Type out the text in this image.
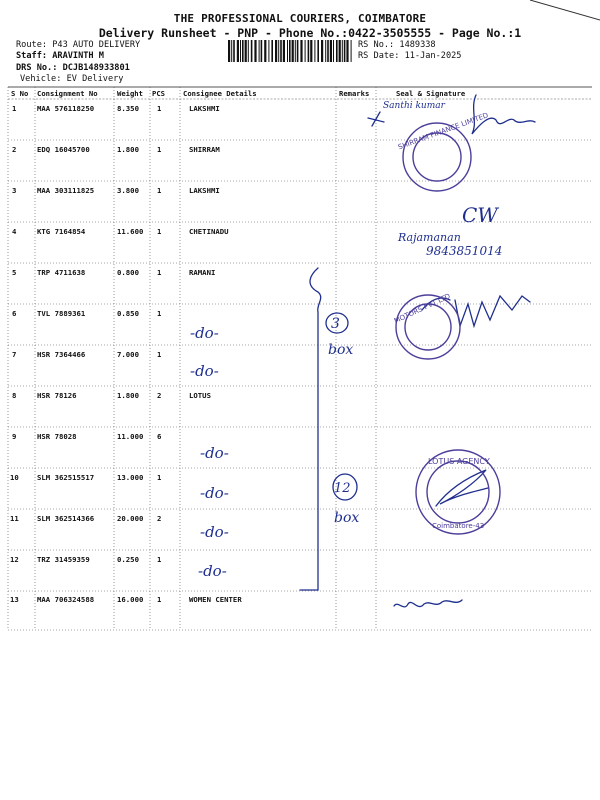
THE PROFESSIONAL COURIERS, COIMBATORE
Delivery Runsheet - PNP - Phone No.:0422-3505555 - Page No.:1
Route: P43 AUTO DELIVERY
Staff: ARAVINTH M
DRS No.: DCJB148933801
Vehicle: EV Delivery
RS No.: 1489338
RS Date: 11-Jan-2025
S No Consignment No	Weight PCS	Consignee Details	Remarks	Seal & Signature
1	MAA 576118250	8.350 1	LAKSHMI
2	EDQ 16045700	1.800 1	SHIRRAM
3	MAA 303111825	3.800 1	LAKSHMI
4	KTG 7164854	11.600 1	CHETINADU
5	TRP 4711638	0.800 1	RAMANI
6	TVL 7889361	0.850 1
7	HSR 7364466	7.000 1
8	HSR 78126	1.800 2	LOTUS
9	HSR 78028	11.000 6
10 SLM 362515517	13.000 1
11 SLM 362514366	20.000 2
12 TRZ 31459359	0.250 1
13 MAA 706324588	16.000 1	WOMEN CENTER
SHIRRAM FINANCE LIMITED
MOTORS PVT LTD
LOTUS AGENCY
Coimbatore-43
-do-
-do-
-do-
-do-
-do-
-do-
3
12
box
box
CW
Rajamanan
9843851014
Santhi kumar
